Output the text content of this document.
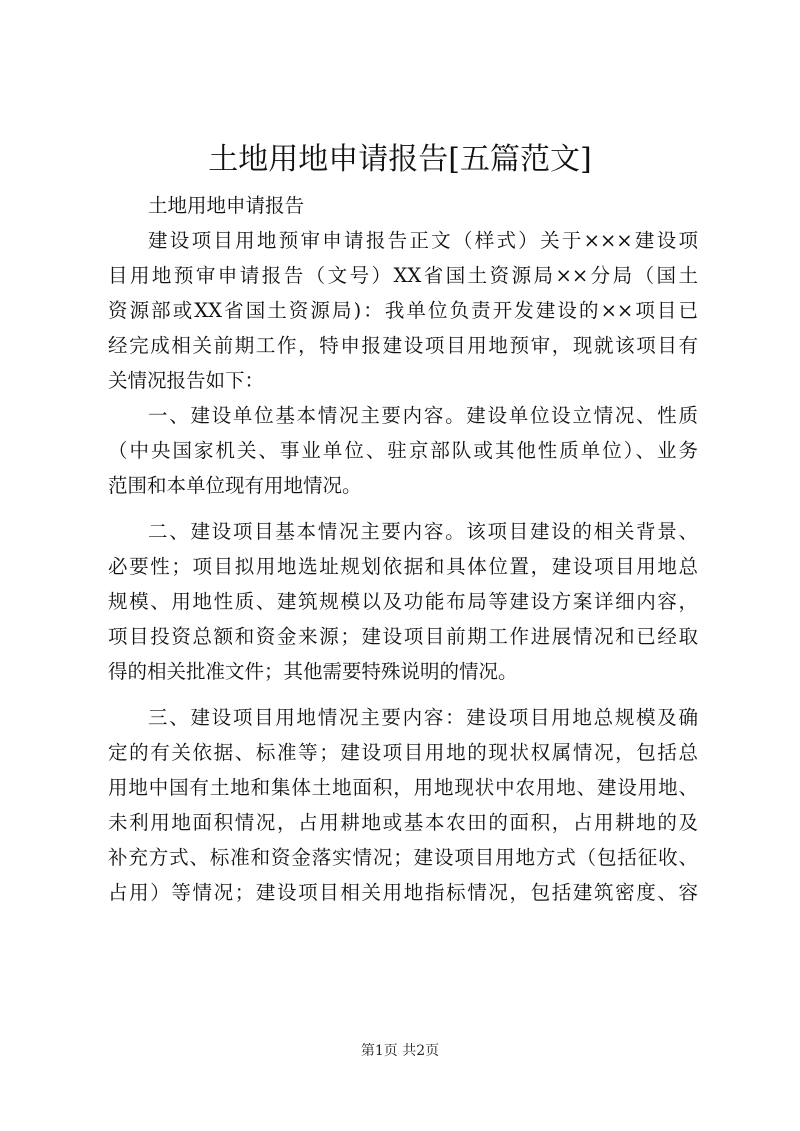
土地用地申请报告[五篇范文]
土地用地申请报告
建设项目用地预审申请报告正文（样式）关于×××建设项
目用地预审申请报告（文号）XX省国土资源局××分局（国土
资源部或XX省国土资源局)：我单位负责开发建设的××项目已
经完成相关前期工作，特申报建设项目用地预审，现就该项目有
关情况报告如下：
一、建设单位基本情况主要内容。建设单位设立情况、性质
（中央国家机关、事业单位、驻京部队或其他性质单位）、业务
范围和本单位现有用地情况。
二、建设项目基本情况主要内容。该项目建设的相关背景、
必要性；项目拟用地选址规划依据和具体位置，建设项目用地总
规模、用地性质、建筑规模以及功能布局等建设方案详细内容，
项目投资总额和资金来源；建设项目前期工作进展情况和已经取
得的相关批准文件；其他需要特殊说明的情况。
三、建设项目用地情况主要内容：建设项目用地总规模及确
定的有关依据、标准等；建设项目用地的现状权属情况，包括总
用地中国有土地和集体土地面积，用地现状中农用地、建设用地、
未利用地面积情况，占用耕地或基本农田的面积，占用耕地的及
补充方式、标准和资金落实情况；建设项目用地方式（包括征收、
占用）等情况；建设项目相关用地指标情况，包括建筑密度、容
第1页 共2页
